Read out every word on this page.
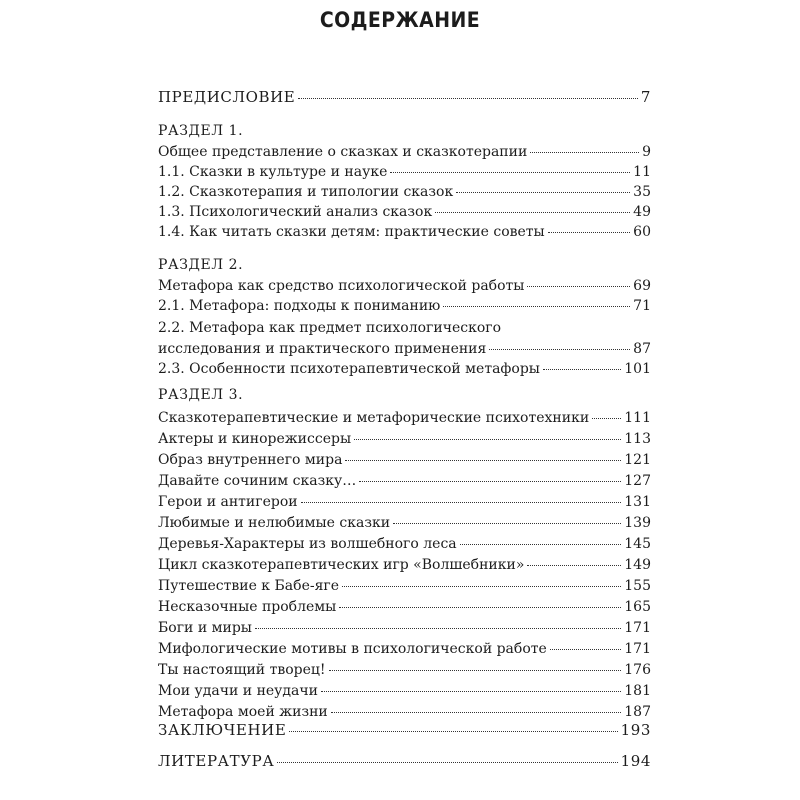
СОДЕРЖАНИЕ
ПРЕДИСЛОВИЕ	7
РАЗДЕЛ 1.
Общее представление о сказках и сказкотерапии	9
1.1. Сказки в культуре и науке	11
1.2. Сказкотерапия и типологии сказок	35
1.3. Психологический анализ сказок	49
1.4. Как читать сказки детям: практические советы	60
РАЗДЕЛ 2.
Метафора как средство психологической работы	69
2.1. Метафора: подходы к пониманию	71
2.2. Метафора как предмет психологического
исследования и практического применения	87
2.3. Особенности психотерапевтической метафоры	101
РАЗДЕЛ 3.
Сказкотерапевтические и метафорические психотехники	111
Актеры и кинорежиссеры	113
Образ внутреннего мира	121
Давайте сочиним сказку…	127
Герои и антигерои	131
Любимые и нелюбимые сказки	139
Деревья-Характеры из волшебного леса	145
Цикл сказкотерапевтических игр «Волшебники»	149
Путешествие к Бабе-яге	155
Несказочные проблемы	165
Боги и миры	171
Мифологические мотивы в психологической работе	171
Ты настоящий творец!	176
Мои удачи и неудачи	181
Метафора моей жизни	187
ЗАКЛЮЧЕНИЕ	193
ЛИТЕРАТУРА	194
